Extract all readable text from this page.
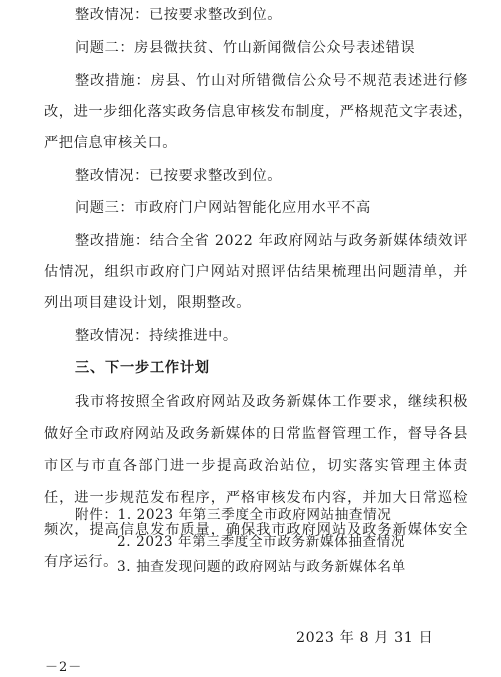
整改情况：已按要求整改到位。
问题二：房县微扶贫、竹山新闻微信公众号表述错误
整改措施：房县、竹山对所错微信公众号不规范表述进行修
改，进一步细化落实政务信息审核发布制度，严格规范文字表述，
严把信息审核关口。
整改情况：已按要求整改到位。
问题三：市政府门户网站智能化应用水平不高
整改措施：结合全省 2022 年政府网站与政务新媒体绩效评
估情况，组织市政府门户网站对照评估结果梳理出问题清单，并
列出项目建设计划，限期整改。
整改情况：持续推进中。
三、下一步工作计划
我市将按照全省政府网站及政务新媒体工作要求，继续积极
做好全市政府网站及政务新媒体的日常监督管理工作，督导各县
市区与市直各部门进一步提高政治站位，切实落实管理主体责
任，进一步规范发布程序，严格审核发布内容，并加大日常巡检
频次，提高信息发布质量，确保我市政府网站及政务新媒体安全
有序运行。
附件：1. 2023 年第三季度全市政府网站抽查情况
2. 2023 年第三季度全市政务新媒体抽查情况
3. 抽查发现问题的政府网站与政务新媒体名单
－2－
2023 年 8 月 31 日
